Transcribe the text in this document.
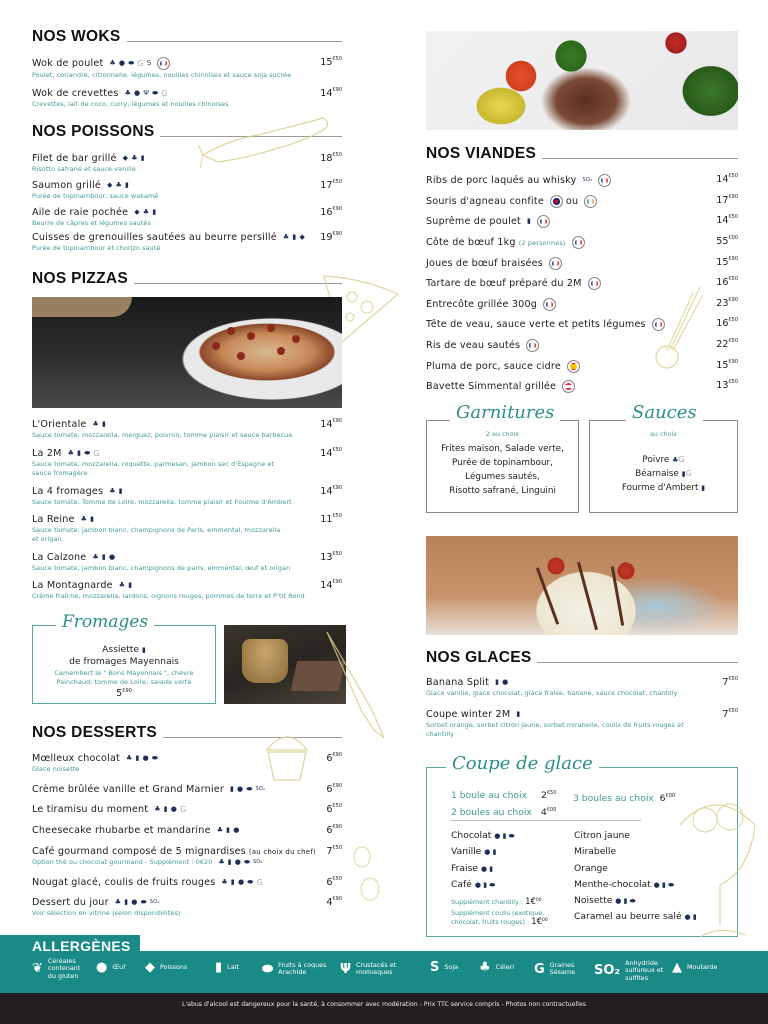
NOS WOKS
Wok de poulet ♣ ● ⬬ G S
Poulet, coriandre, citronnelle, légumes, nouilles chinoises et sauce soja sucrée
$15^{€50}$
Wok de crevettes ♣ ● Ψ ⬬ G
Crevettes, lait de coco, curry, légumes et nouilles chinoises
$14^{€90}$
NOS POISSONS
Filet de bar grillé ◆ ♣ ▮
Risotto safrané et sauce vanille
$18^{€50}$
Saumon grillé ◆ ♣ ▮
Purée de topinambour, sauce wakamé
$17^{€50}$
Aile de raie pochée ◆ ♣ ▮
Beurre de câpres et légumes sautés
$16^{€90}$
Cuisses de grenouilles sautées au beurre persillé ♣ ▮ ◆
Purée de topinambour et chorizo sauté
$19^{€90}$
NOS PIZZAS
L'Orientale ♣ ▮
Sauce tomate, mozzarella, merguez, poivron, tomme plaisir et sauce barbecue
$14^{€90}$
La 2M ♣ ▮ ⬬ G
Sauce tomate, mozzarella, roquette, parmesan, jambon sec d'Espagne et sauce fromagère
$14^{€50}$
La 4 fromages ♣ ▮
Sauce tomate, Tomme de Loire, mozzarella, tomme plaisir et Fourme d'Ambert
$14^{€90}$
La Reine ♣ ▮
Sauce tomate, jambon blanc, champignons de Paris, emmental, mozzarella et origan
$11^{€50}$
La Calzone ♣ ▮ ●
Sauce tomate, jambon blanc, champignons de paris, emmental, œuf et origan
$13^{€50}$
La Montagnarde ♣ ▮
Crème fraîche, mozzarella, lardons, oignons rouges, pommes de terre et P'tit Rond
$14^{€90}$
Fromages
Assiette ▮
de fromages Mayennais
Camembert le " Bons Mayennais ", chèvre Painchaud, tomme de Loire, salade verte
$5^{€90}$
NOS DESSERTS
Mœlleux chocolat ♣ ▮ ● ⬬
Glace noisette
$6^{€90}$
Crème brûlée vanille et Grand Marnier ▮ ● ⬬ SO₂	$6^{€90}$
Le tiramisu du moment ♣ ▮ ● G	$6^{€50}$
Cheesecake rhubarbe et mandarine ♣ ▮ ●	$6^{€90}$
Café gourmand composé de 5 mignardises (au choix du chef)
Option thé ou chocolat gourmand - Supplément : 0€20 ♣ ▮ ● ⬬ SO₂
$7^{€50}$
Nougat glacé, coulis de fruits rouges ♣ ▮ ● ⬬ G	$6^{€50}$
Dessert du jour ♣ ▮ ● ⬬ SO₂
Voir sélection en vitrine (selon disponibilités)
$4^{€90}$
NOS VIANDES
Ribs de porc laqués au whisky SO₂	$14^{€50}$
Souris d'agneau confite ou	$17^{€90}$
Suprême de poulet ▮	$14^{€50}$
Côte de bœuf 1kg (2 personnes)	$55^{€00}$
Joues de bœuf braisées	$15^{€90}$
Tartare de bœuf préparé du 2M	$16^{€50}$
Entrecôte grillée 300g	$23^{€90}$
Tête de veau, sauce verte et petits légumes	$16^{€50}$
Ris de veau sautés	$22^{€50}$
Pluma de porc, sauce cidre	$15^{€90}$
Bavette Simmental grillée	$13^{€50}$
Garnitures
2 au choix
Frites maison, Salade verte,
Purée de topinambour,
Légumes sautés,
Risotto safrané, Linguini
Sauces
au choix
Poivre ♣G
Béarnaise ▮G
Fourme d'Ambert ▮
NOS GLACES
Banana Split ▮ ●
Glace vanille, glace chocolat, glace fraise, banane, sauce chocolat, chantilly
$7^{€50}$
Coupe winter 2M ▮
Sorbet orange, sorbet citron jaune, sorbet mirabelle, coulis de fruits rouges et chantilly
$7^{€50}$
Coupe de glace
1 boule au choix $2^{€50}$
2 boules au choix $4^{€00}$
3 boules au choix $6^{€00}$
Chocolat ● ▮ ⬬
Vanille ● ▮
Fraise ● ▮
Café ● ▮ ⬬
Supplément chantilly : 1€$^{00}$
Supplément coulis (exotique, chocolat, fruits rouges) : 1€$^{00}$
Citron jaune
Mirabelle
Orange
Menthe-chocolat ● ▮ ⬬
Noisette ● ▮ ⬬
Caramel au beurre salé ● ▮
ALLERGÈNES
❦
Céréales contenant du gluten
● Œuf ◆ Poissons ▮ Lait ⬬ Fruits à coques Arachide	Ψ Crustacés et mollusques	S Soja ♣ Céleri G Graines Sésame	SO₂
Anhydride sulfureux et sulfites
▲ Moutarde
L'abus d'alcool est dangereux pour la santé, à consommer avec modération - Prix TTC service compris - Photos non contractuelles
